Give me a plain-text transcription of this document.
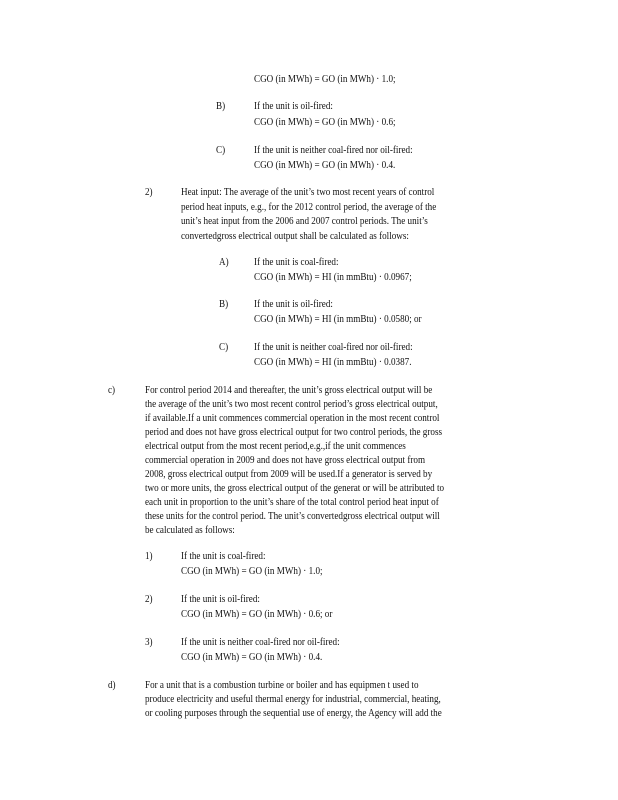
CGO (in MWh) = GO (in MWh) · 1.0;
B)	If the unit is oil-fired:
CGO (in MWh) = GO (in MWh) · 0.6;
C)	If the unit is neither coal-fired nor oil-fired:
CGO (in MWh) = GO (in MWh) · 0.4.
2)	Heat input: The average of the unit’s two most recent years of control
period heat inputs, e.g., for the 2012 control period, the average of the
unit’s heat input from the 2006 and 2007 control periods. The unit’s
convertedgross electrical output shall be calculated as follows:
A) If the unit is coal-fired:
CGO (in MWh) = HI (in mmBtu) · 0.0967;
B) If the unit is oil-fired:
CGO (in MWh) = HI (in mmBtu) · 0.0580; or
C) If the unit is neither coal-fired nor oil-fired:
CGO (in MWh) = HI (in mmBtu) · 0.0387.
c)	For control period 2014 and thereafter, the unit’s gross electrical output will be
the average of the unit’s two most recent control period’s gross electrical output,
if available.If a unit commences commercial operation in the most recent control
period and does not have gross electrical output for two control periods, the gross
electrical output from the most recent period,e.g.,if the unit commences
commercial operation in 2009 and does not have gross electrical output from
2008, gross electrical output from 2009 will be used.If a generator is served by
two or more units, the gross electrical output of the generat or will be attributed to
each unit in proportion to the unit’s share of the total control period heat input of
these units for the control period. The unit’s convertedgross electrical output will
be calculated as follows:
1)	If the unit is coal-fired:
CGO (in MWh) = GO (in MWh) · 1.0;
2)	If the unit is oil-fired:
CGO (in MWh) = GO (in MWh) · 0.6; or
3)	If the unit is neither coal-fired nor oil-fired:
CGO (in MWh) = GO (in MWh) · 0.4.
d)	For a unit that is a combustion turbine or boiler and has equipmen t used to
produce electricity and useful thermal energy for industrial, commercial, heating,
or cooling purposes through the sequential use of energy, the Agency will add the
